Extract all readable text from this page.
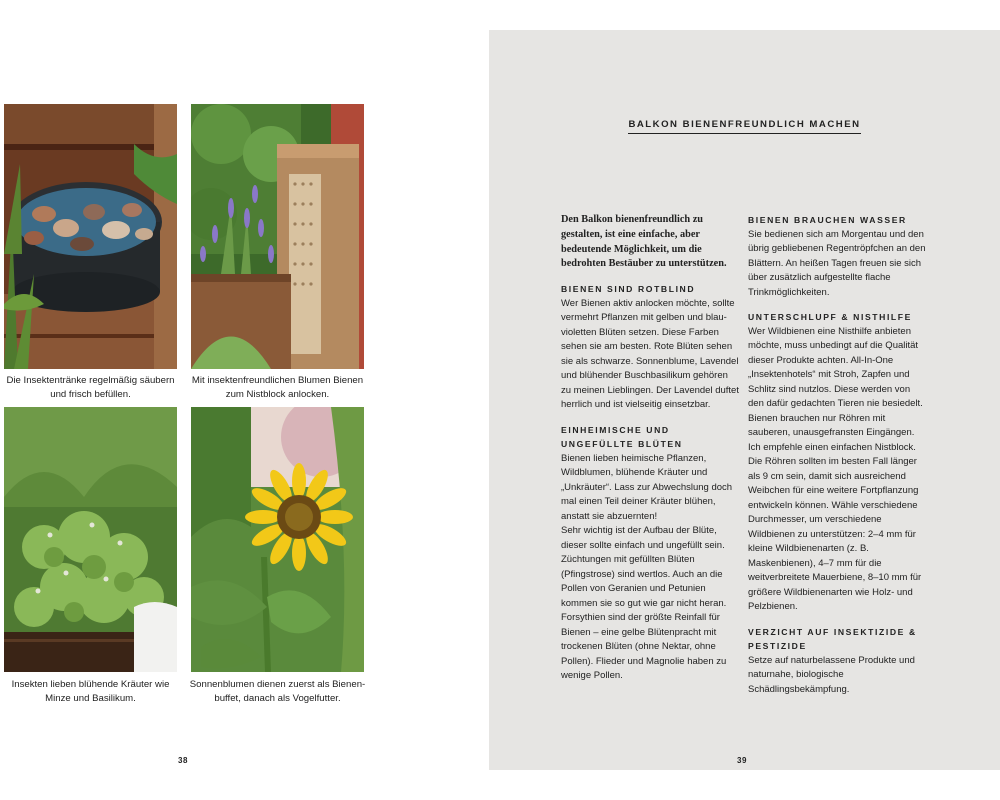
Die Insektentränke regelmäßig säubern und frisch befüllen.
Mit insektenfreundlichen Blumen Bienen zum Nistblock anlocken.
Insekten lieben blühende Kräuter wie Minze und Basilikum.
Sonnenblumen dienen zuerst als Bienenbuffet, danach als Vogelfutter.
38	39
BALKON BIENENFREUNDLICH MACHEN

Den Balkon bienenfreundlich zu gestalten, ist eine einfache, aber bedeutende Möglichkeit, um die bedrohten Bestäuber zu unterstützen.

BIENEN SIND ROTBLIND

Wer Bienen aktiv anlocken möchte, sollte vermehrt Pflanzen mit gelben und blau-violetten Blüten setzen. Diese Farben sehen sie am besten. Rote Blüten sehen sie als schwarze. Sonnenblume, Lavendel und blühender Buschbasilikum gehören zu meinen Lieblingen. Der Lavendel duftet herrlich und ist vielseitig einsetzbar.

EINHEIMISCHE UND UNGEFÜLLTE BLÜTEN

Bienen lieben heimische Pflanzen, Wildblumen, blühende Kräuter und „Unkräuter“. Lass zur Abwechslung doch mal einen Teil deiner Kräuter blühen, anstatt sie abzuernten!

Sehr wichtig ist der Aufbau der Blüte, dieser sollte einfach und ungefüllt sein. Züchtungen mit gefüllten Blüten (Pfingstrose) sind wertlos. Auch an die Pollen von Geranien und Petunien kommen sie so gut wie gar nicht heran. Forsythien sind der größte Reinfall für Bienen – eine gelbe Blütenpracht mit trockenen Blüten (ohne Nektar, ohne Pollen). Flieder und Magnolie haben zu wenige Pollen.

BIENEN BRAUCHEN WASSER

Sie bedienen sich am Morgentau und den übrig gebliebenen Regentröpfchen an den Blättern. An heißen Tagen freuen sie sich über zusätzlich aufgestellte flache Trinkmöglichkeiten.

UNTERSCHLUPF & NISTHILFE

Wer Wildbienen eine Nisthilfe anbieten möchte, muss unbedingt auf die Qualität dieser Produkte achten. All-In-One „Insektenhotels“ mit Stroh, Zapfen und Schlitz sind nutzlos. Diese werden von den dafür gedachten Tieren nie besiedelt. Bienen brauchen nur Röhren mit sauberen, unausgefransten Eingängen. Ich empfehle einen einfachen Nistblock. Die Röhren sollten im besten Fall länger als 9 cm sein, damit sich ausreichend Weibchen für eine weitere Fortpflanzung entwickeln können. Wähle verschiedene Durchmesser, um verschiedene Wildbienen zu unterstützen: 2–4 mm für kleine Wildbienenarten (z. B. Maskenbienen), 4–7 mm für die weitverbreitete Mauerbiene, 8–10 mm für größere Wildbienenarten wie Holz- und Pelzbienen.

VERZICHT AUF INSEKTIZIDE & PESTIZIDE

Setze auf naturbelassene Produkte und naturnahe, biologische Schädlingsbekämpfung.
